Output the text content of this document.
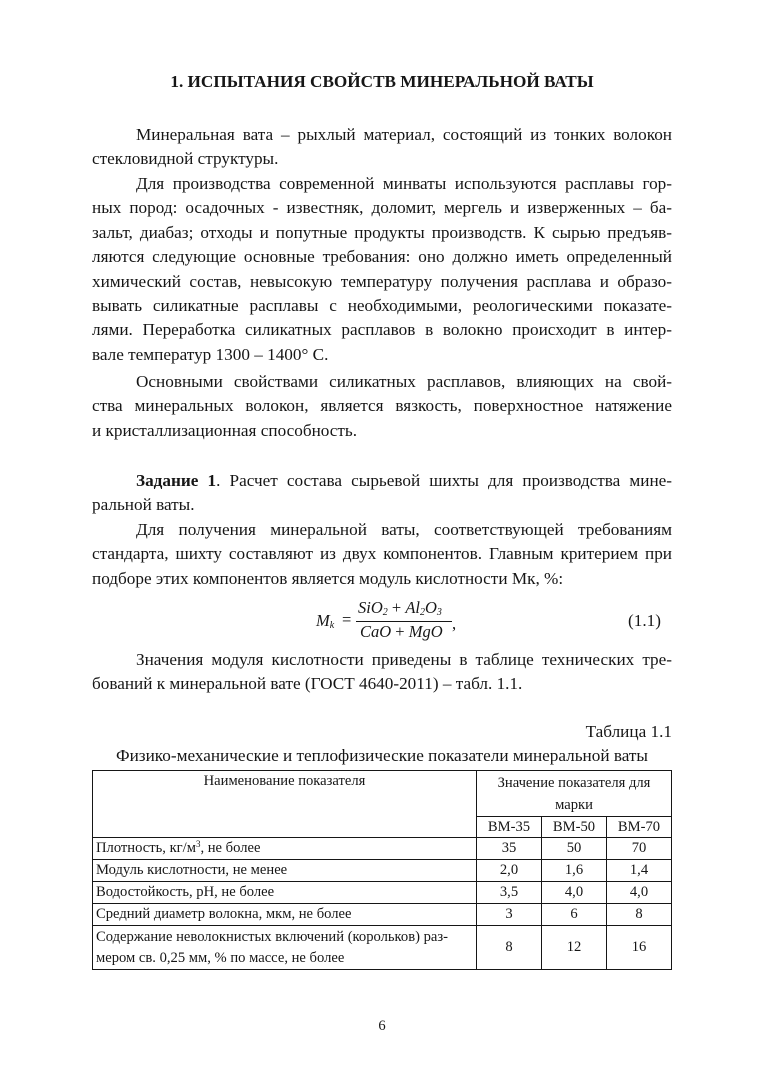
1. ИСПЫТАНИЯ СВОЙСТВ МИНЕРАЛЬНОЙ ВАТЫ
Минеральная вата – рыхлый материал, состоящий из тонких волокон
стекловидной структуры.
Для производства современной минваты используются расплавы гор-
ных пород: осадочных - известняк, доломит, мергель и изверженных – ба-
зальт, диабаз; отходы и попутные продукты производств. К сырью предъяв-
ляются следующие основные требования: оно должно иметь определенный
химический состав, невысокую температуру получения расплава и образо-
вывать силикатные расплавы с необходимыми, реологическими показате-
лями. Переработка силикатных расплавов в волокно происходит в интер-
вале температур 1300 – 1400° С.
Основными свойствами силикатных расплавов, влияющих на свой-
ства минеральных волокон, является вязкость, поверхностное натяжение
и кристаллизационная способность.
Задание 1. Расчет состава сырьевой шихты для производства мине-
ральной ваты.
Для получения минеральной ваты, соответствующей требованиям
стандарта, шихту составляют из двух компонентов. Главным критерием при
подборе этих компонентов является модуль кислотности Мк, %:
$M_k$ =
$SiO_2 + Al_2O_3$
CaO + MgO ,	(1.1)
Значения модуля кислотности приведены в таблице технических тре-
бований к минеральной вате (ГОСТ 4640-2011) – табл. 1.1.
Таблица 1.1
Физико-механические и теплофизические показатели минеральной ваты
Наименование показателя	Значение показателя для марки		
	ВМ-35	ВМ-50	ВМ-70
Плотность, $кг/м^3$, не более	35	50	70
Модуль кислотности, не менее	2,0	1,6	1,4
Водостойкость, pH, не более	3,5	4,0	4,0
Средний диаметр волокна, мкм, не более	3	6	8

Содержание неволокнистых включений (корольков) раз-
мером св. 0,25 мм, % по массе, не более	8	12	16
6
